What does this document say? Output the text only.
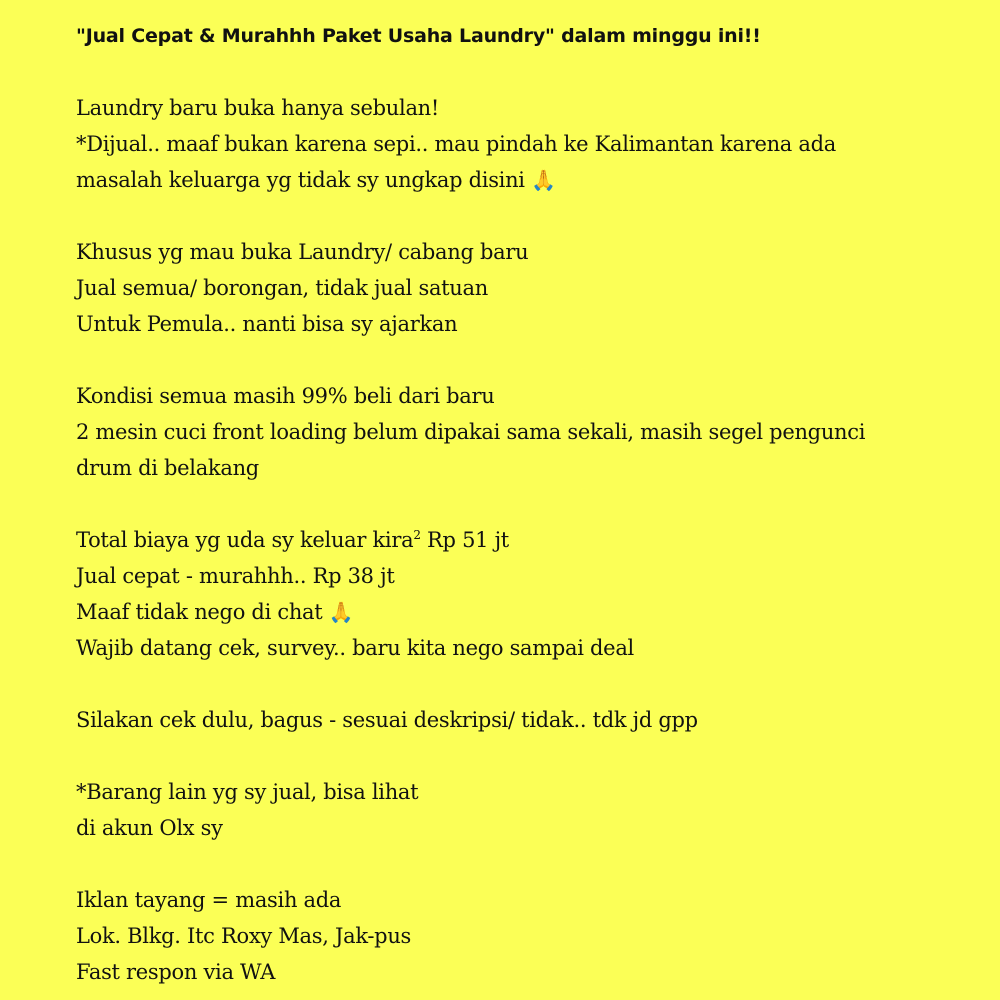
"Jual Cepat & Murahhh Paket Usaha Laundry" dalam minggu ini!!
Laundry baru buka hanya sebulan!
*Dijual.. maaf bukan karena sepi.. mau pindah ke Kalimantan karena ada
masalah keluarga yg tidak sy ungkap disini 🙏
Khusus yg mau buka Laundry/ cabang baru
Jual semua/ borongan, tidak jual satuan
Untuk Pemula.. nanti bisa sy ajarkan
Kondisi semua masih 99% beli dari baru
2 mesin cuci front loading belum dipakai sama sekali, masih segel pengunci
drum di belakang
Total biaya yg uda sy keluar kira$^2$ Rp 51 jt
Jual cepat - murahhh.. Rp 38 jt
Maaf tidak nego di chat 🙏
Wajib datang cek, survey.. baru kita nego sampai deal
Silakan cek dulu, bagus - sesuai deskripsi/ tidak.. tdk jd gpp
*Barang lain yg sy jual, bisa lihat
di akun Olx sy
Iklan tayang = masih ada
Lok. Blkg. Itc Roxy Mas, Jak-pus
Fast respon via WA
